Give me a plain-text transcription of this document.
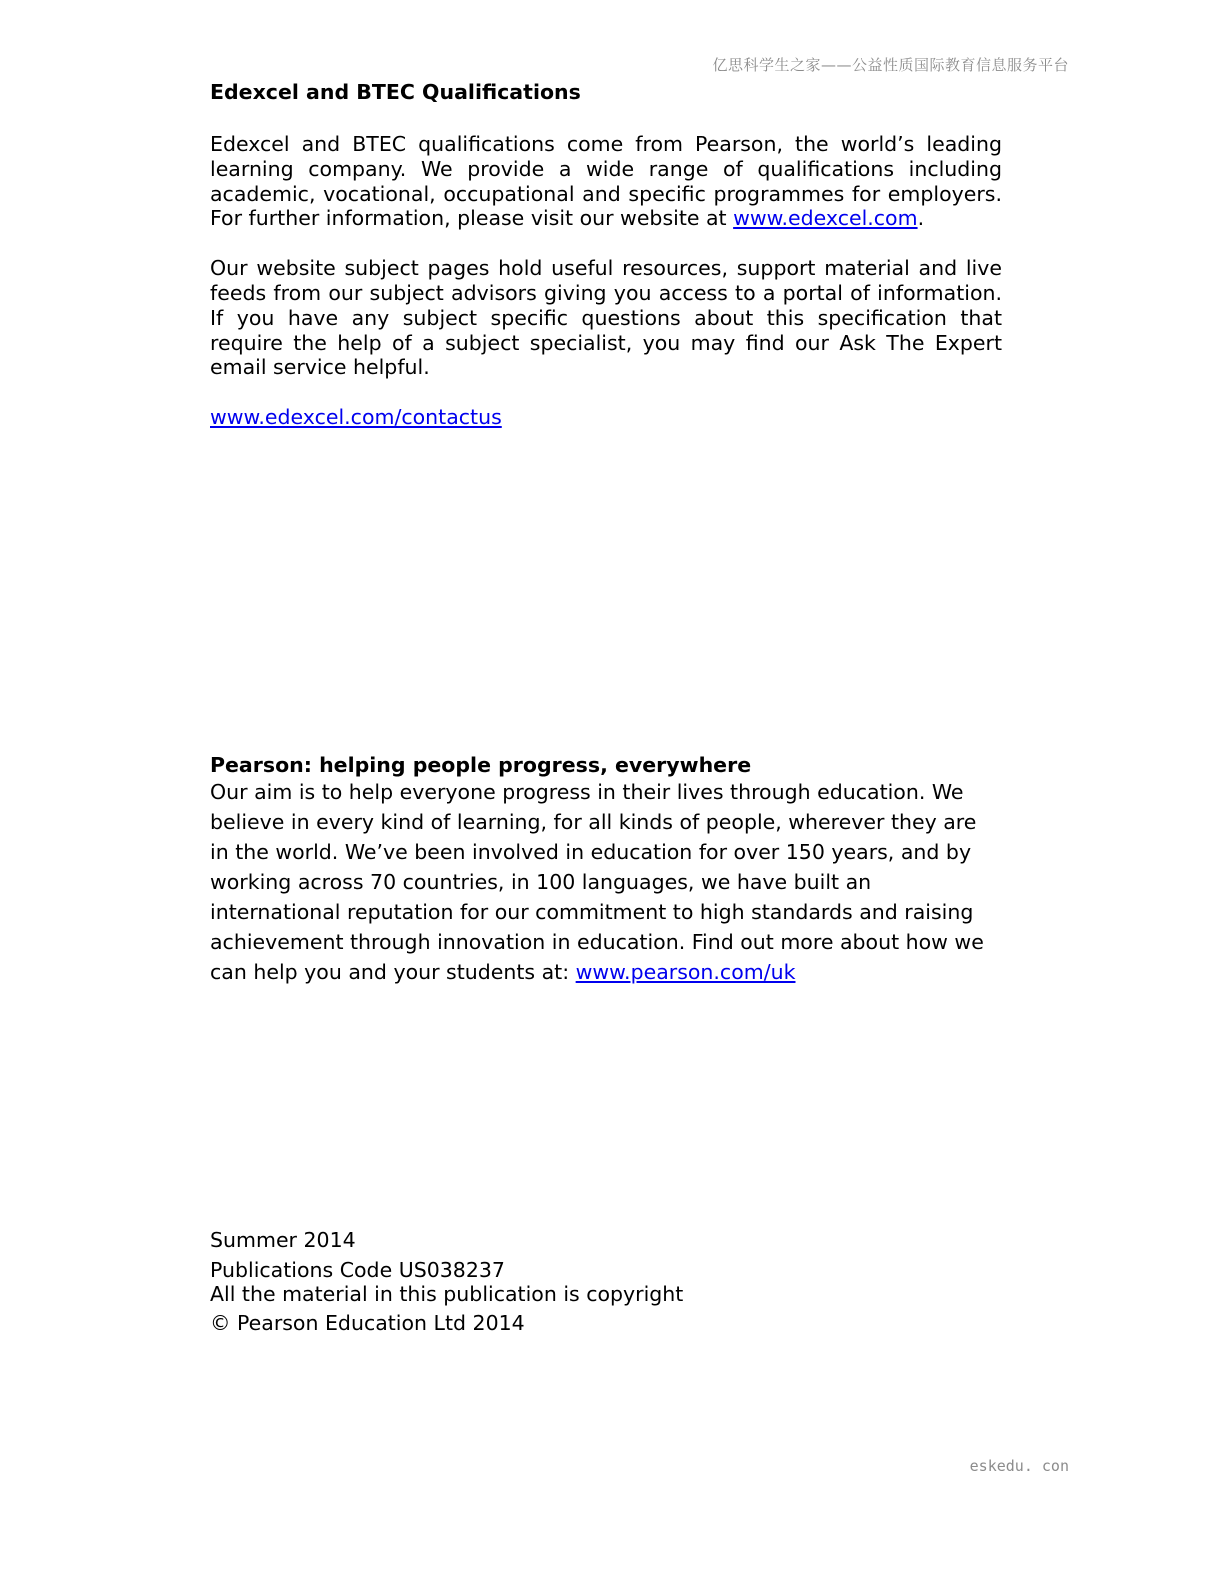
亿思科学生之家——公益性质国际教育信息服务平台

Edexcel and BTEC Qualifications

Edexcel and BTEC qualifications come from Pearson, the world’s leading learning company. We provide a wide range of qualifications including academic, vocational, occupational and specific programmes for employers. For further information, please visit our website at www.edexcel.com.

Our website subject pages hold useful resources, support material and live feeds from our subject advisors giving you access to a portal of information. If you have any subject specific questions about this specification that require the help of a subject specialist, you may find our Ask The Expert email service helpful.

www.edexcel.com/contactus

Pearson: helping people progress, everywhere

Our aim is to help everyone progress in their lives through education. We believe in every kind of learning, for all kinds of people, wherever they are in the world. We’ve been involved in education for over 150 years, and by working across 70 countries, in 100 languages, we have built an international reputation for our commitment to high standards and raising achievement through innovation in education. Find out more about how we can help you and your students at: www.pearson.com/uk

Summer 2014

Publications Code US038237

All the material in this publication is copyright

© Pearson Education Ltd 2014

eskedu. con
